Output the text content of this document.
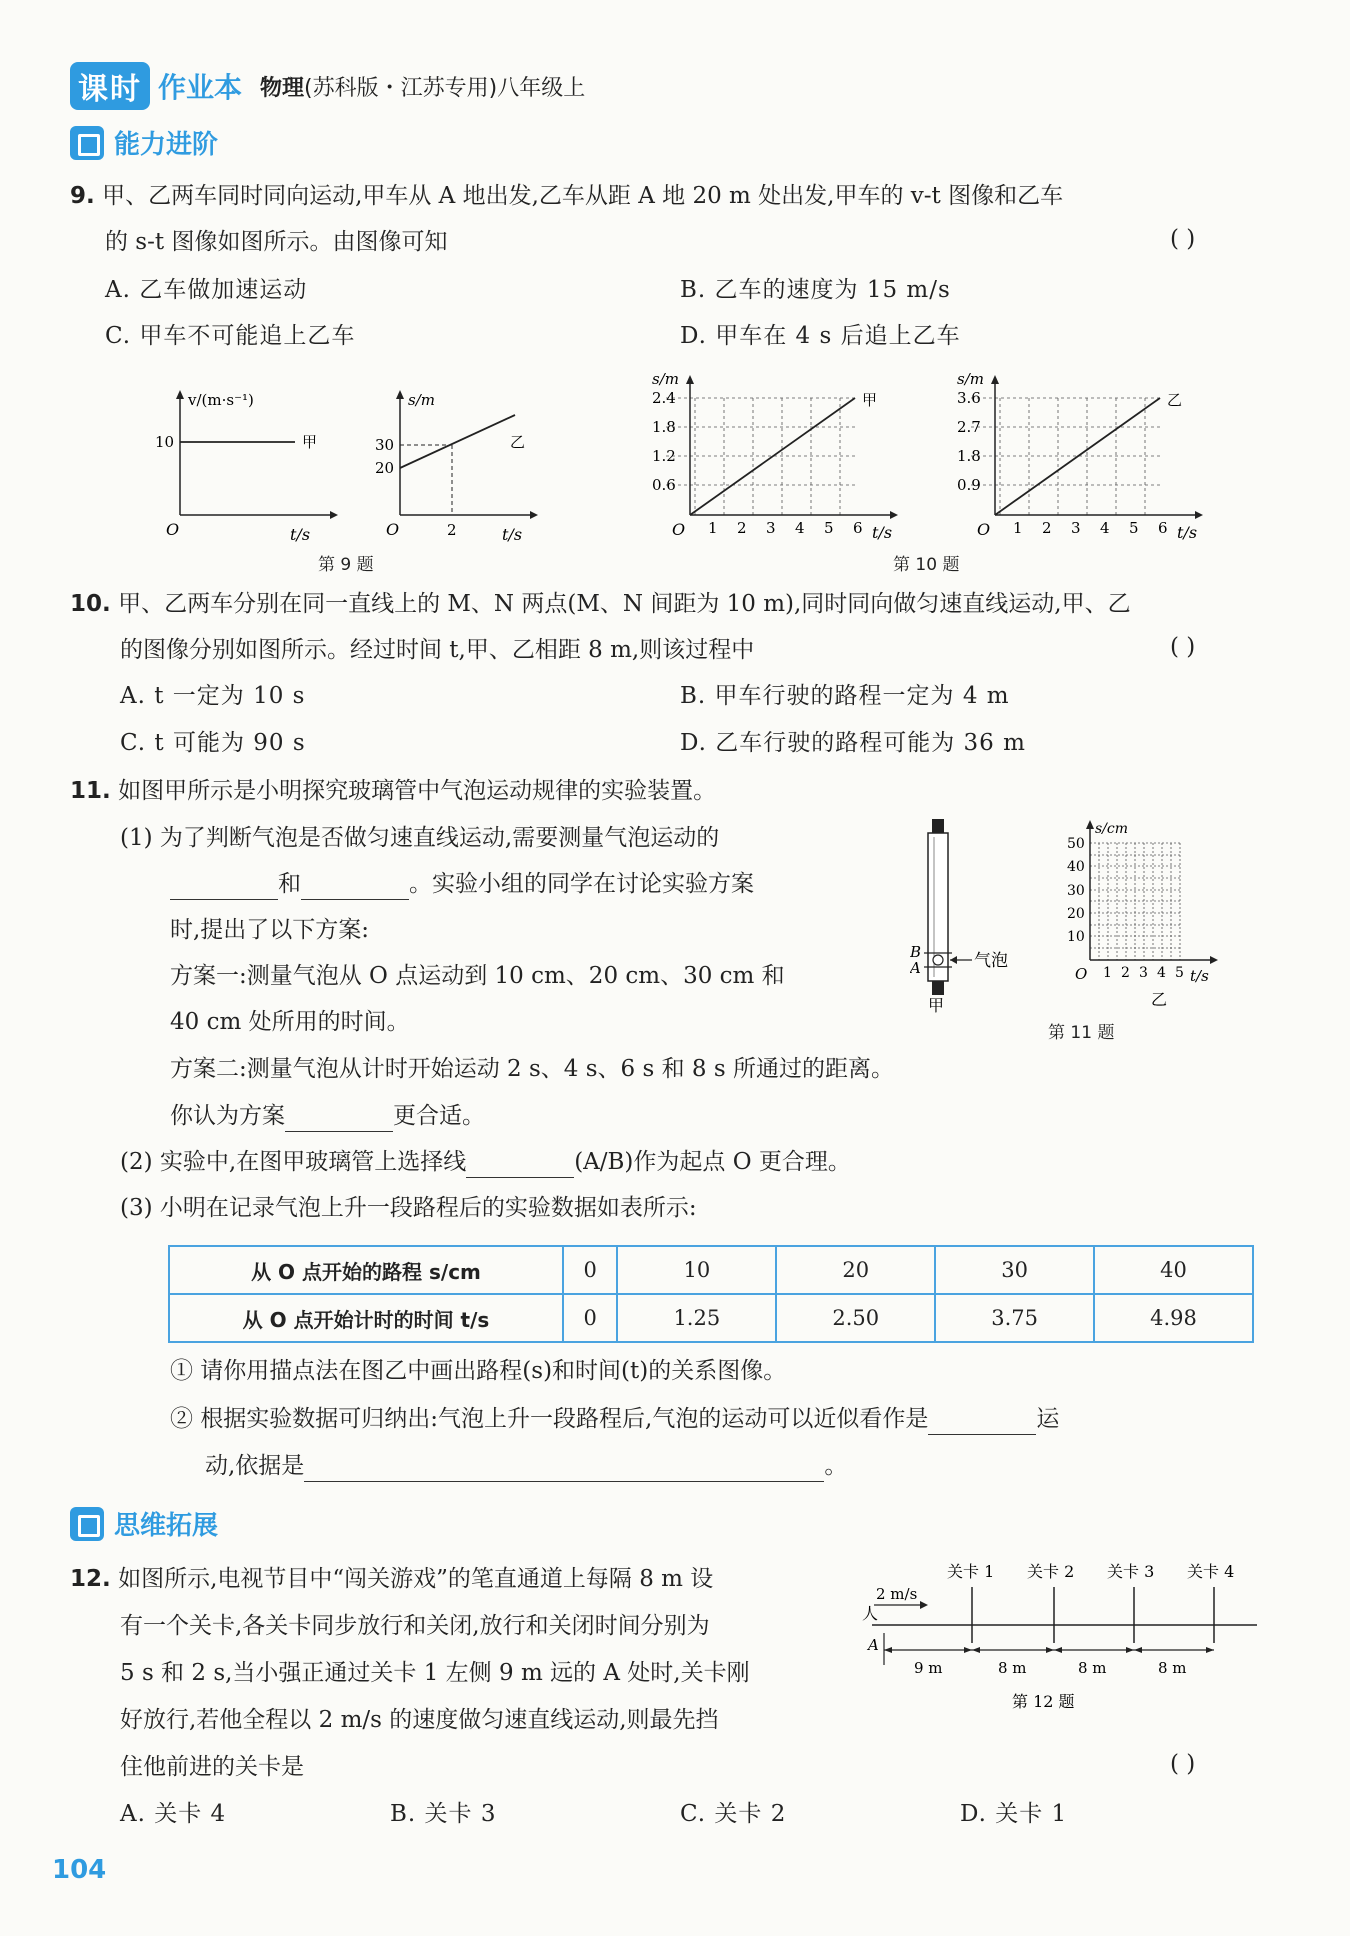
课时 作业本 物理(苏科版・江苏专用)八年级上
能力进阶
9. 甲、乙两车同时同向运动,甲车从 A 地出发,乙车从距 A 地 20 m 处出发,甲车的 v-t 图像和乙车
的 s-t 图像如图所示。由图像可知	( )
A. 乙车做加速运动	B. 乙车的速度为 15 m/s
C. 甲车不可能追上乙车	D. 甲车在 4 s 后追上乙车
v/(m·s⁻¹)
10	甲
O	t/s
s/m
30
20
乙
O	2	t/s
第 9 题
s/m
2.4
1.8
1.2
0.6
甲
O 1 2 3 4 5 6 t/s
s/m
3.6
2.7
1.8
0.9
乙
O 1 2 3 4 5 6 t/s
第 10 题
10. 甲、乙两车分别在同一直线上的 M、N 两点(M、N 间距为 10 m),同时同向做匀速直线运动,甲、乙
的图像分别如图所示。经过时间 t,甲、乙相距 8 m,则该过程中	( )
A. t 一定为 10 s	B. 甲车行驶的路程一定为 4 m
C. t 可能为 90 s	D. 乙车行驶的路程可能为 36 m
11. 如图甲所示是小明探究玻璃管中气泡运动规律的实验装置。
(1) 为了判断气泡是否做匀速直线运动,需要测量气泡运动的
和	。实验小组的同学在讨论实验方案
时,提出了以下方案:
方案一:测量气泡从 O 点运动到 10 cm、20 cm、30 cm 和
40 cm 处所用的时间。
方案二:测量气泡从计时开始运动 2 s、4 s、6 s 和 8 s 所通过的距离。
你认为方案	更合适。
(2) 实验中,在图甲玻璃管上选择线	(A/B)作为起点 O 更合理。
(3) 小明在记录气泡上升一段路程后的实验数据如表所示:
B
A	气泡
甲
s/cm
50
40
30
20
10
O 1 2 3 4 5 t/s
乙
第 11 题
从 O 点开始的路程 s/cm	0	10	20	30	40
从 O 点开始计时的时间 t/s	0	1.25	2.50	3.75	4.98
① 请你用描点法在图乙中画出路程(s)和时间(t)的关系图像。
② 根据实验数据可归纳出:气泡上升一段路程后,气泡的运动可以近似看作是	运
动,依据是	。
思维拓展
12. 如图所示,电视节目中“闯关游戏”的笔直通道上每隔 8 m 设
有一个关卡,各关卡同步放行和关闭,放行和关闭时间分别为
5 s 和 2 s,当小强正通过关卡 1 左侧 9 m 远的 A 处时,关卡刚
好放行,若他全程以 2 m/s 的速度做匀速直线运动,则最先挡
住他前进的关卡是	( )
A. 关卡 4	B. 关卡 3	C. 关卡 2	D. 关卡 1
关卡 1 关卡 2 关卡 3 关卡 4
2 m/s
人
A
9 m	8 m	8 m	8 m
第 12 题
104
